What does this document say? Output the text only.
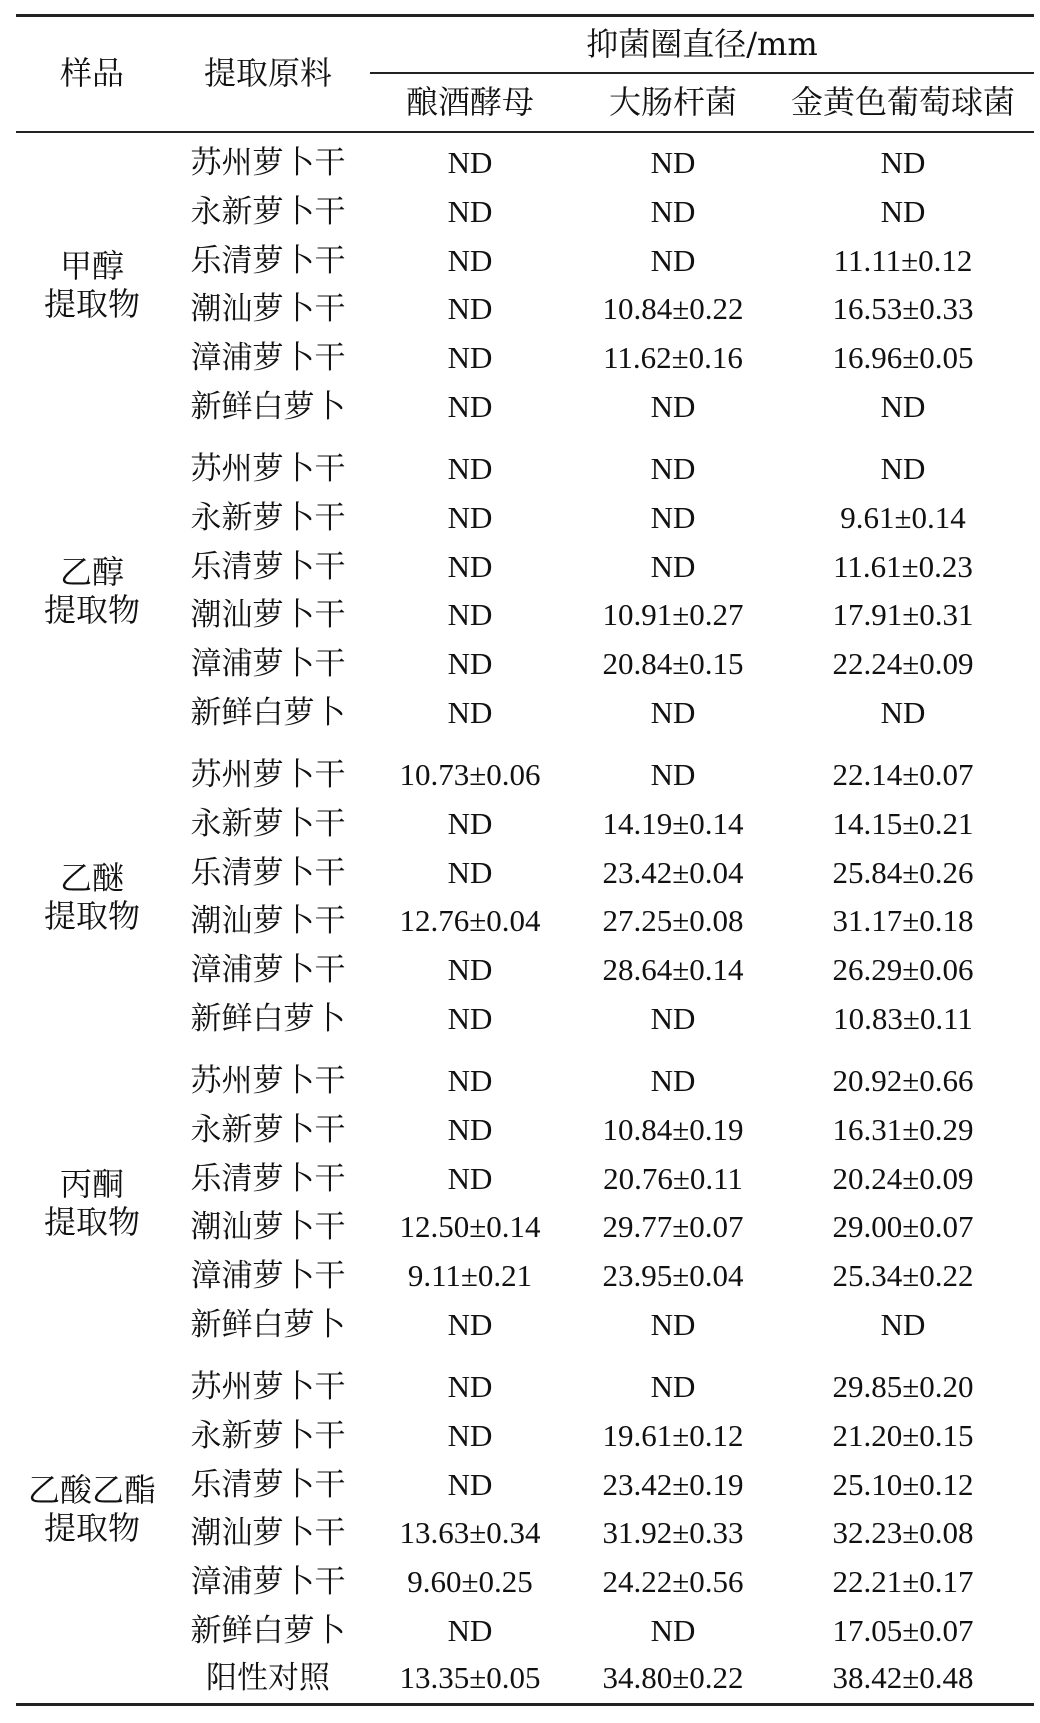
样品 提取原料
抑菌圈直径/mm
酿酒酵母 大肠杆菌 金黄色葡萄球菌
甲醇
提取物
苏州萝卜干	ND	ND	ND
永新萝卜干	ND	ND	ND
乐清萝卜干	ND	ND	11.11±0.12
潮汕萝卜干	ND	10.84±0.22	16.53±0.33
漳浦萝卜干	ND	11.62±0.16	16.96±0.05
新鲜白萝卜	ND	ND	ND
乙醇
提取物
苏州萝卜干	ND	ND	ND
永新萝卜干	ND	ND	9.61±0.14
乐清萝卜干	ND	ND	11.61±0.23
潮汕萝卜干	ND	10.91±0.27	17.91±0.31
漳浦萝卜干	ND	20.84±0.15	22.24±0.09
新鲜白萝卜	ND	ND	ND
乙醚
提取物
苏州萝卜干 10.73±0.06	ND	22.14±0.07
永新萝卜干	ND	14.19±0.14	14.15±0.21
乐清萝卜干	ND	23.42±0.04	25.84±0.26
潮汕萝卜干 12.76±0.04 27.25±0.08	31.17±0.18
漳浦萝卜干	ND	28.64±0.14	26.29±0.06
新鲜白萝卜	ND	ND	10.83±0.11
丙酮
提取物
苏州萝卜干	ND	ND	20.92±0.66
永新萝卜干	ND	10.84±0.19	16.31±0.29
乐清萝卜干	ND	20.76±0.11	20.24±0.09
潮汕萝卜干 12.50±0.14 29.77±0.07	29.00±0.07
漳浦萝卜干 9.11±0.21 23.95±0.04	25.34±0.22
新鲜白萝卜	ND	ND	ND
乙酸乙酯
提取物
苏州萝卜干	ND	ND	29.85±0.20
永新萝卜干	ND	19.61±0.12	21.20±0.15
乐清萝卜干	ND	23.42±0.19	25.10±0.12
潮汕萝卜干 13.63±0.34 31.92±0.33	32.23±0.08
漳浦萝卜干 9.60±0.25 24.22±0.56	22.21±0.17
新鲜白萝卜	ND	ND	17.05±0.07
阳性对照 13.35±0.05 34.80±0.22	38.42±0.48
